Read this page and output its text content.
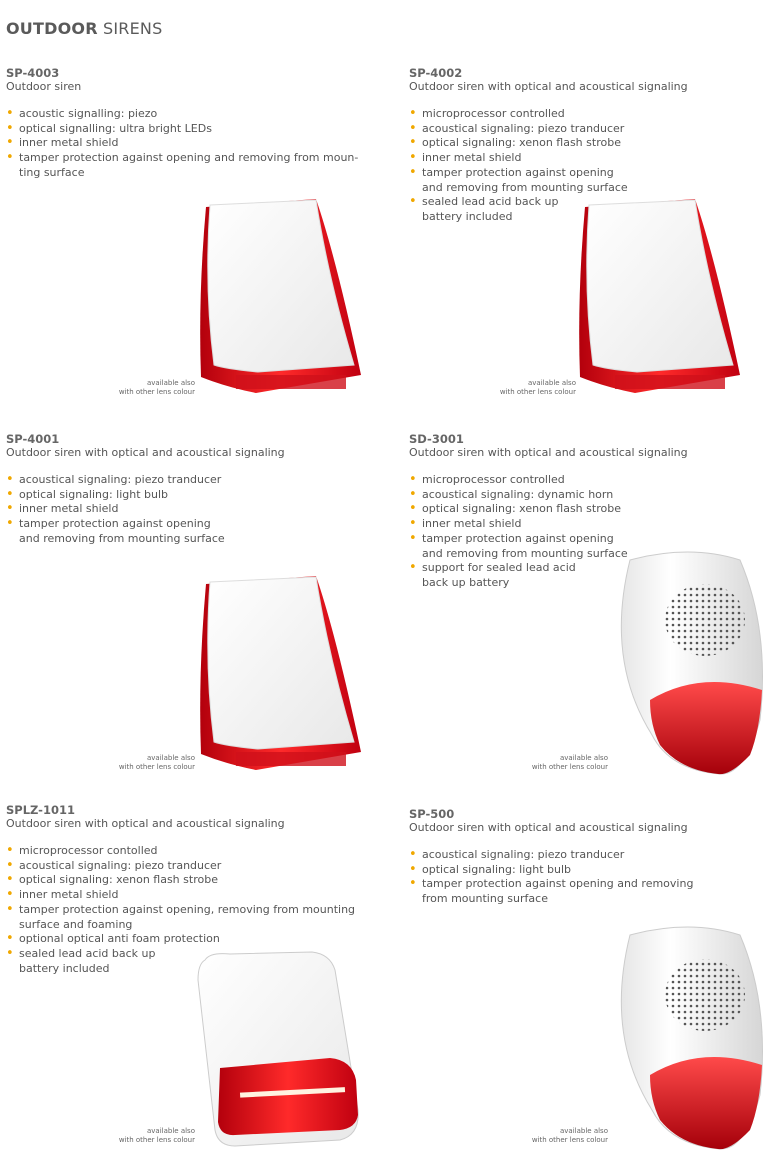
OUTDOOR SIRENS

SP-4003

Outdoor siren

• acoustic signalling: piezo
• optical signalling: ultra bright LEDs
• inner metal shield
• tamper protection against opening and removing from moun-
ting surface

SP-4002

Outdoor siren with optical and acoustical signaling

• microprocessor controlled
• acoustical signaling: piezo tranducer
• optical signaling: xenon flash strobe
• inner metal shield
• tamper protection against opening
and removing from mounting surface
• sealed lead acid back up
battery included

SP-4001

Outdoor siren with optical and acoustical signaling

• acoustical signaling: piezo tranducer
• optical signaling: light bulb
• inner metal shield
• tamper protection against opening
and removing from mounting surface

SD-3001

Outdoor siren with optical and acoustical signaling

• microprocessor controlled
• acoustical signaling: dynamic horn
• optical signaling: xenon flash strobe
• inner metal shield
• tamper protection against opening
and removing from mounting surface
• support for sealed lead acid
back up battery

SPLZ-1011

Outdoor siren with optical and acoustical signaling

• microprocessor contolled
• acoustical signaling: piezo tranducer
• optical signaling: xenon flash strobe
• inner metal shield
• tamper protection against opening, removing from mounting
surface and foaming
• optional optical anti foam protection
• sealed lead acid back up
battery included

SP-500

Outdoor siren with optical and acoustical signaling

• acoustical signaling: piezo tranducer
• optical signaling: light bulb
• tamper protection against opening and removing
from mounting surface
available also
with other lens colour
available also
with other lens colour
available also
with other lens colour
available also
with other lens colour
available also
with other lens colour
available also
with other lens colour
